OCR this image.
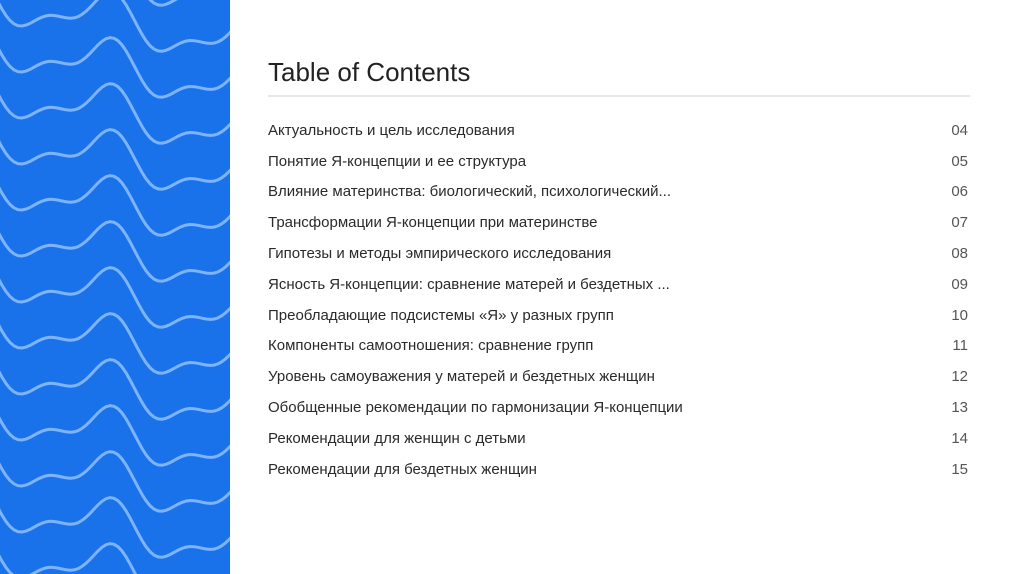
Table of Contents
Актуальность и цель исследования	04
Понятие Я-концепции и ее структура	05
Влияние материнства: биологический, психологический...	06
Трансформации Я-концепции при материнстве	07
Гипотезы и методы эмпирического исследования	08
Ясность Я-концепции: сравнение матерей и бездетных ...	09
Преобладающие подсистемы «Я» у разных групп	10
Компоненты самоотношения: сравнение групп	11
Уровень самоуважения у матерей и бездетных женщин	12
Обобщенные рекомендации по гармонизации Я-концепции	13
Рекомендации для женщин с детьми	14
Рекомендации для бездетных женщин	15
